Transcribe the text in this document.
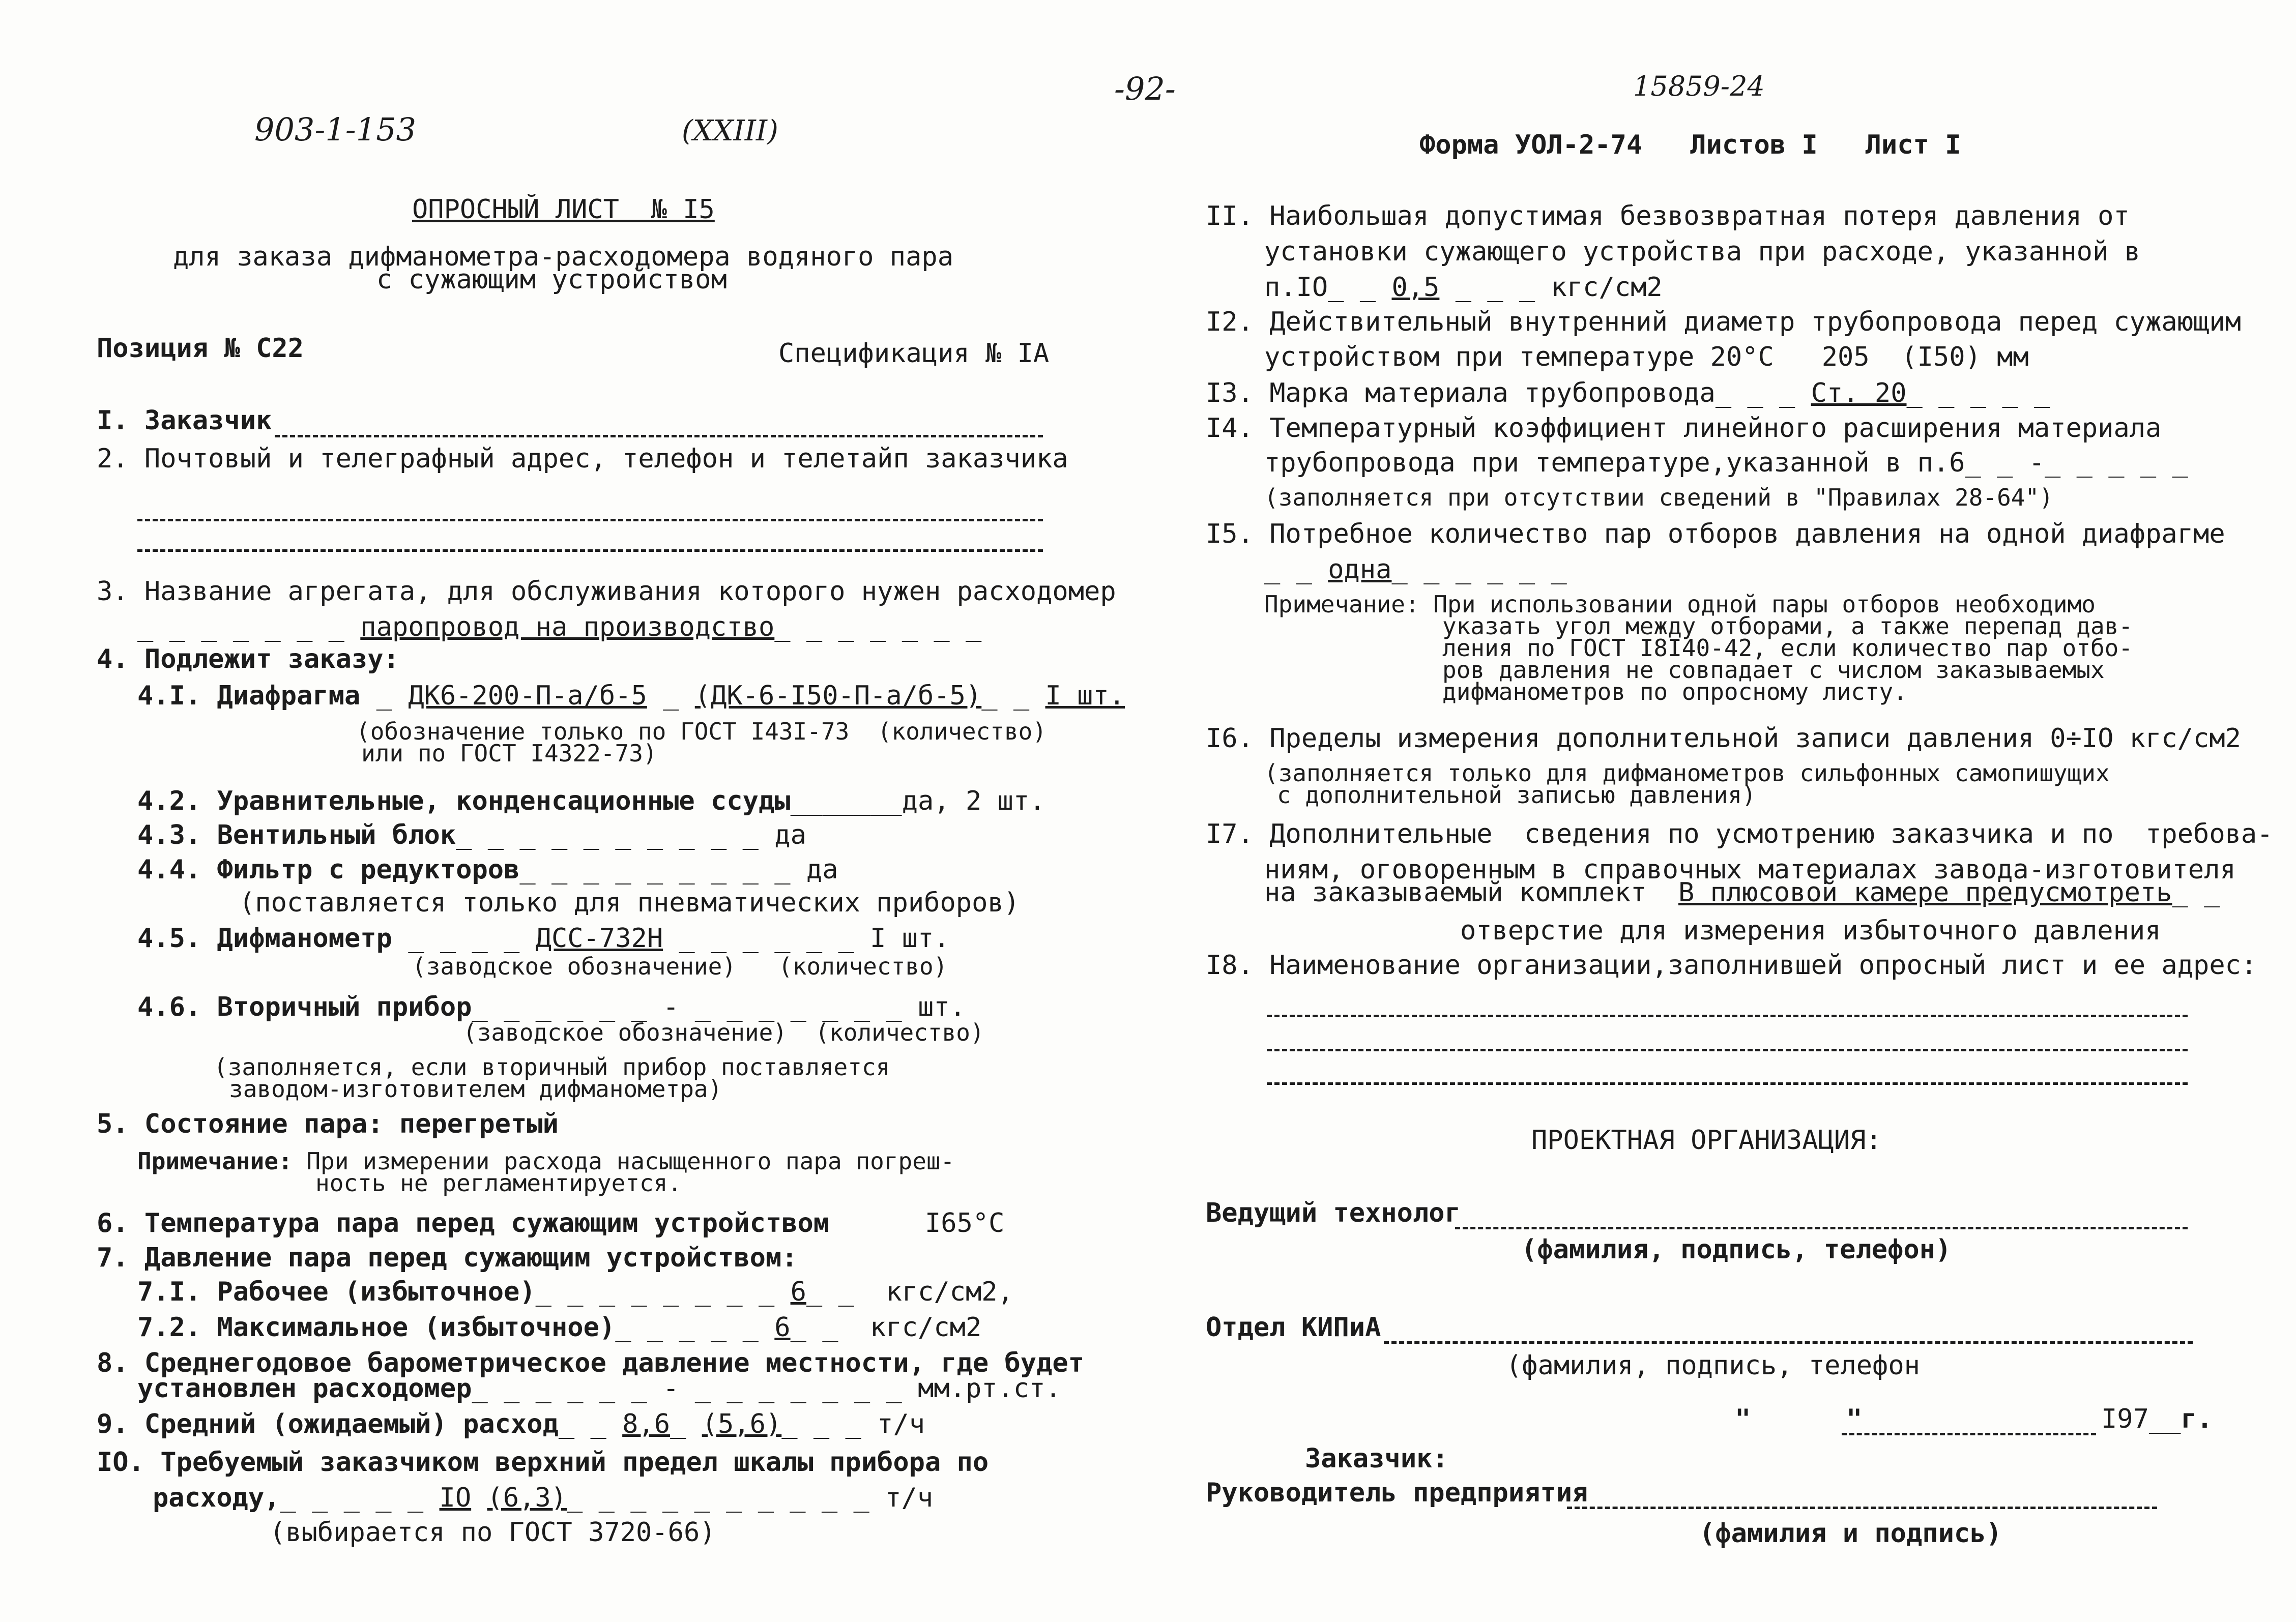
903-1-153	(XXIII)
-92-	15859-24
Форма УОЛ-2-74   Листов I   Лист I
ОПРОСНЫЙ ЛИСТ  № I5
для заказа дифманометра-расходомера водяного пара
с сужающим устройством
Позиция № С22	Спецификация № IA
I. Заказчик
2. Почтовый и телеграфный адрес, телефон и телетайп заказчика
3. Название агрегата, для обслуживания которого нужен расходомер
_ _ _ _ _ _ _ паропровод на производство_ _ _ _ _ _ _
4. Подлежит заказу:
4.I. Диафрагма _ ДК6-200-П-а/б-5 _ (ДК-6-I50-П-а/б-5)_ _ I шт.
(обозначение только по ГОСТ I43I-73  (количество)
или по ГОСТ I4322-73)
4.2. Уравнительные, конденсационные ссуды_______да, 2 шт.
4.3. Вентильный блок_ _ _ _ _ _ _ _ _ _ да
4.4. Фильтр с редукторов_ _ _ _ _ _ _ _ _ да
(поставляется только для пневматических приборов)
4.5. Дифманометр _ _ _ _ ДСС-732Н _ _ _ _ _ _ I шт.
(заводское обозначение)   (количество)
4.6. Вторичный прибор_ _ _ _ _ _ - _ _ _ _ _ _ _ шт.
(заводское обозначение)  (количество)
(заполняется, если вторичный прибор поставляется
заводом-изготовителем дифманометра)
5. Состояние пара: перегретый
Примечание: При измерении расхода насыщенного пара погреш-
ность не регламентируется.
6. Температура пара перед сужающим устройством	I65°C
7. Давление пара перед сужающим устройством:
7.I. Рабочее (избыточное)_ _ _ _ _ _ _ _ 6_ _  кгс/см2,
7.2. Максимальное (избыточное)_ _ _ _ _ 6_ _  кгс/см2
8. Среднегодовое барометрическое давление местности, где будет
установлен расходомер_ _ _ _ _ _ - _ _ _ _ _ _ _ мм.рт.ст.
9. Средний (ожидаемый) расход_ _ 8,6_ (5,6)_ _ _ т/ч
IO. Требуемый заказчиком верхний предел шкалы прибора по
расходу,_ _ _ _ _ IO (6,3)_ _ _ _ _ _ _ _ _ _ т/ч
(выбирается по ГОСТ 3720-66)
II. Наибольшая допустимая безвозвратная потеря давления от
установки сужающего устройства при расходе, указанной в
п.IO_ _ 0,5 _ _ _ кгс/см2
I2. Действительный внутренний диаметр трубопровода перед сужающим
устройством при температуре 20°С 205 (I50) мм
I3. Марка материала трубопровода_ _ _ Ст. 20_ _ _ _ _
I4. Температурный коэффициент линейного расширения материала
трубопровода при температуре,указанной в п.6_ _ -_ _ _ _ _
(заполняется при отсутствии сведений в "Правилах 28-64")
I5. Потребное количество пар отборов давления на одной диафрагме
_ _ одна_ _ _ _ _ _
Примечание: При использовании одной пары отборов необходимо
указать угол между отборами, а также перепад дав-
ления по ГОСТ I8I40-42, если количество пар отбо-
ров давления не совпадает с числом заказываемых
дифманометров по опросному листу.
I6. Пределы измерения дополнительной записи давления 0÷IO кгс/см2
(заполняется только для дифманометров сильфонных самопишущих
с дополнительной записью давления)
I7. Дополнительные  сведения по усмотрению заказчика и по  требова-
ниям, оговоренным в справочных материалах завода-изготовителя
на заказываемый комплект В плюсовой камере предусмотреть_ _
отверстие для измерения избыточного давления
I8. Наименование организации,заполнившей опросный лист и ее адрес:
ПРОЕКТНАЯ ОРГАНИЗАЦИЯ:
Ведущий технолог
(фамилия, подпись, телефон)
Отдел КИПиА
(фамилия, подпись, телефон
"      "	I97__г.
Заказчик:
Руководитель предприятия
(фамилия и подпись)
